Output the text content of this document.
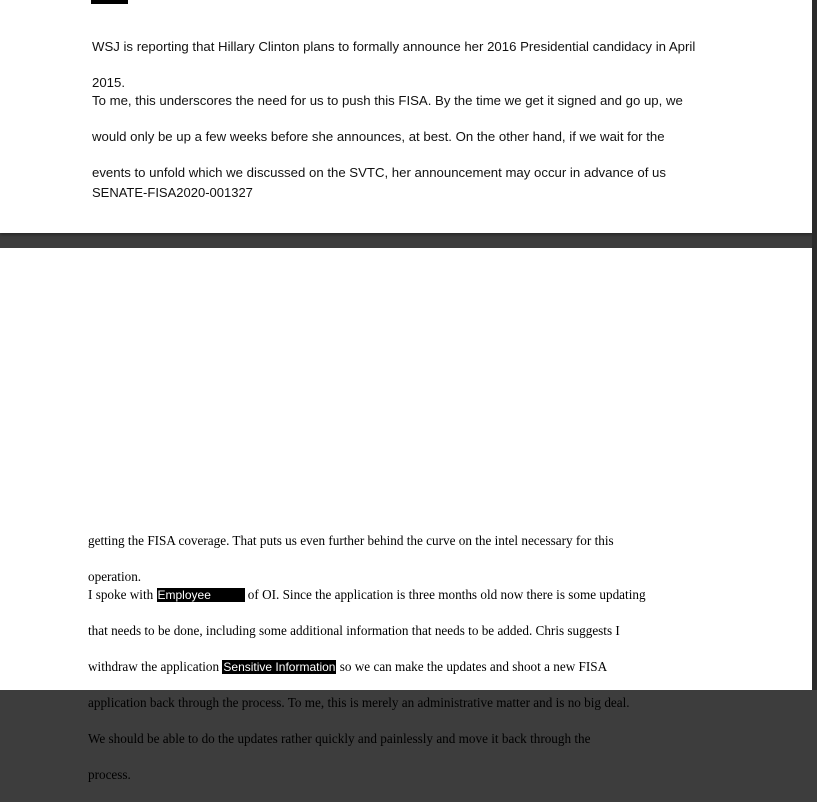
WSJ is reporting that Hillary Clinton plans to formally announce her 2016 Presidential candidacy in April

2015.

To me, this underscores the need for us to push this FISA. By the time we get it signed and go up, we

would only be up a few weeks before she announces, at best. On the other hand, if we wait for the

events to unfold which we discussed on the SVTC, her announcement may occur in advance of us

SENATE-FISA2020-001327

getting the FISA coverage. That puts us even further behind the curve on the intel necessary for this

operation.

I spoke with Employee	of OI. Since the application is three months old now there is some updating

that needs to be done, including some additional information that needs to be added. Chris suggests I

withdraw the application Sensitive Information so we can make the updates and shoot a new FISA

application back through the process. To me, this is merely an administrative matter and is no big deal.

We should be able to do the updates rather quickly and painlessly and move it back through the

process.
